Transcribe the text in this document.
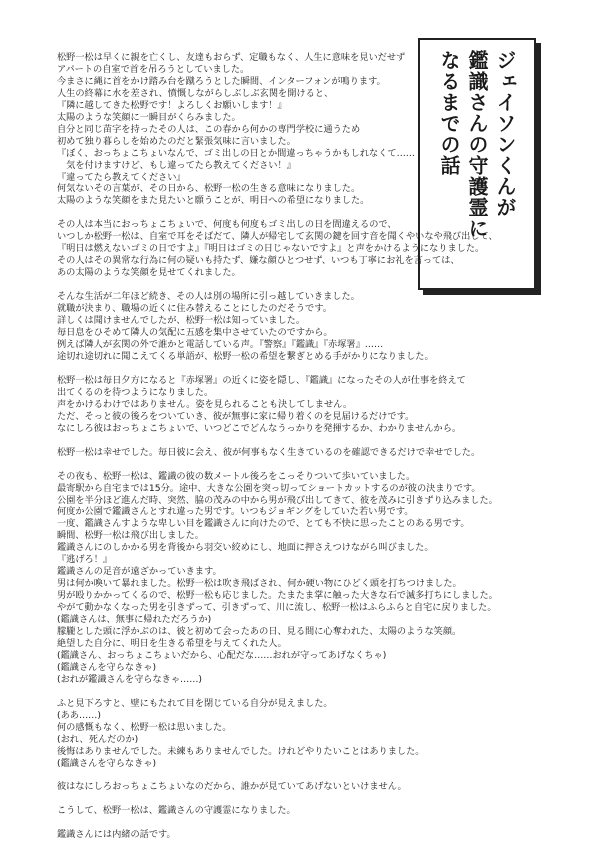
ジェイソンくんが
鑑識さんの守護霊に
なるまでの話
松野一松は早くに親を亡くし、友達もおらず、定職もなく、人生に意味を見いだせず
アパートの自室で首を吊ろうとしていました。
今まさに縄に首をかけ踏み台を蹴ろうとした瞬間、インターフォンが鳴ります。
人生の終幕に水を差され、憤慨しながらしぶしぶ玄関を開けると、
『隣に越してきた松野です！よろしくお願いします！』
太陽のような笑顔に一瞬目がくらみました。
自分と同じ苗字を持ったその人は、この春から何かの専門学校に通うため
初めて独り暮らしを始めたのだと緊張気味に言いました。
『ぼく、おっちょこちょいなんで、ゴミ出しの日とか間違っちゃうかもしれなくて……
　気を付けますけど、もし違ってたら教えてください！』
『違ってたら教えてください』
何気ないその言葉が、その日から、松野一松の生きる意味になりました。
太陽のような笑顔をまた見たいと願うことが、明日への希望になりました。
その人は本当におっちょこちょいで、何度も何度もゴミ出しの日を間違えるので、
いつしか松野一松は、自室で耳をそばだて、隣人が帰宅して玄関の鍵を回す音を聞くやいなや飛び出して、
『明日は燃えないゴミの日ですよ』『明日はゴミの日じゃないですよ』と声をかけるようになりました。
その人はその異常な行為に何の疑いも持たず、嫌な顔ひとつせず、いつも丁寧にお礼を言っては、
あの太陽のような笑顔を見せてくれました。
そんな生活が二年ほど続き、その人は別の場所に引っ越していきました。
就職が決まり、職場の近くに住み替えることにしたのだそうです。
詳しくは聞けませんでしたが、松野一松は知っていました。
毎日息をひそめて隣人の気配に五感を集中させていたのですから。
例えば隣人が玄関の外で誰かと電話している声。『警察』『鑑識』『赤塚署』……
途切れ途切れに聞こえてくる単語が、松野一松の希望を繋ぎとめる手がかりになりました。
松野一松は毎日夕方になると『赤塚署』の近くに姿を隠し、『鑑識』になったその人が仕事を終えて
出てくるのを待つようになりました。
声をかけるわけではありません。姿を見られることも決してしません。
ただ、そっと彼の後ろをついていき、彼が無事に家に帰り着くのを見届けるだけです。
なにしろ彼はおっちょこちょいで、いつどこでどんなうっかりを発揮するか、わかりませんから。
松野一松は幸せでした。毎日彼に会え、彼が何事もなく生きているのを確認できるだけで幸せでした。
その夜も、松野一松は、鑑識の彼の数メートル後ろをこっそりついて歩いていました。
最寄駅から自宅までは15分。途中、大きな公園を突っ切ってショートカットするのが彼の決まりです。
公園を半分ほど進んだ時、突然、脇の茂みの中から男が飛び出してきて、彼を茂みに引きずり込みました。
何度か公園で鑑識さんとすれ違った男です。いつもジョギングをしていた若い男です。
一度、鑑識さんすような卑しい目を鑑識さんに向けたので、とても不快に思ったことのある男です。
瞬間、松野一松は飛び出しました。
鑑識さんにのしかかる男を背後から羽交い絞めにし、地面に押さえつけながら叫びました。
『逃げろ！』
鑑識さんの足音が遠ざかっていきます。
男は何か喚いて暴れました。松野一松は吹き飛ばされ、何か硬い物にひどく頭を打ちつけました。
男が殴りかかってくるので、松野一松も応じました。たまたま掌に触った大きな石で滅多打ちにしました。
やがて動かなくなった男を引きずって、引きずって、川に流し、松野一松はふらふらと自宅に戻りました。
(鑑識さんは、無事に帰れただろうか)
朦朧とした頭に浮かぶのは、彼と初めて会ったあの日、見る間に心奪われた、太陽のような笑顔。
絶望した自分に、明日を生きる希望を与えてくれた人。
(鑑識さん、おっちょこちょいだから、心配だな……おれが守ってあげなくちゃ)
(鑑識さんを守らなきゃ)
(おれが鑑識さんを守らなきゃ……)
ふと見下ろすと、壁にもたれて目を閉じている自分が見えました。
(ああ……)
何の感慨もなく、松野一松は思いました。
(おれ、死んだのか)
後悔はありませんでした。未練もありませんでした。けれどやりたいことはありました。
(鑑識さんを守らなきゃ)
彼はなにしろおっちょこちょいなのだから、誰かが見ていてあげないといけません。
こうして、松野一松は、鑑識さんの守護霊になりました。
鑑識さんには内緒の話です。
